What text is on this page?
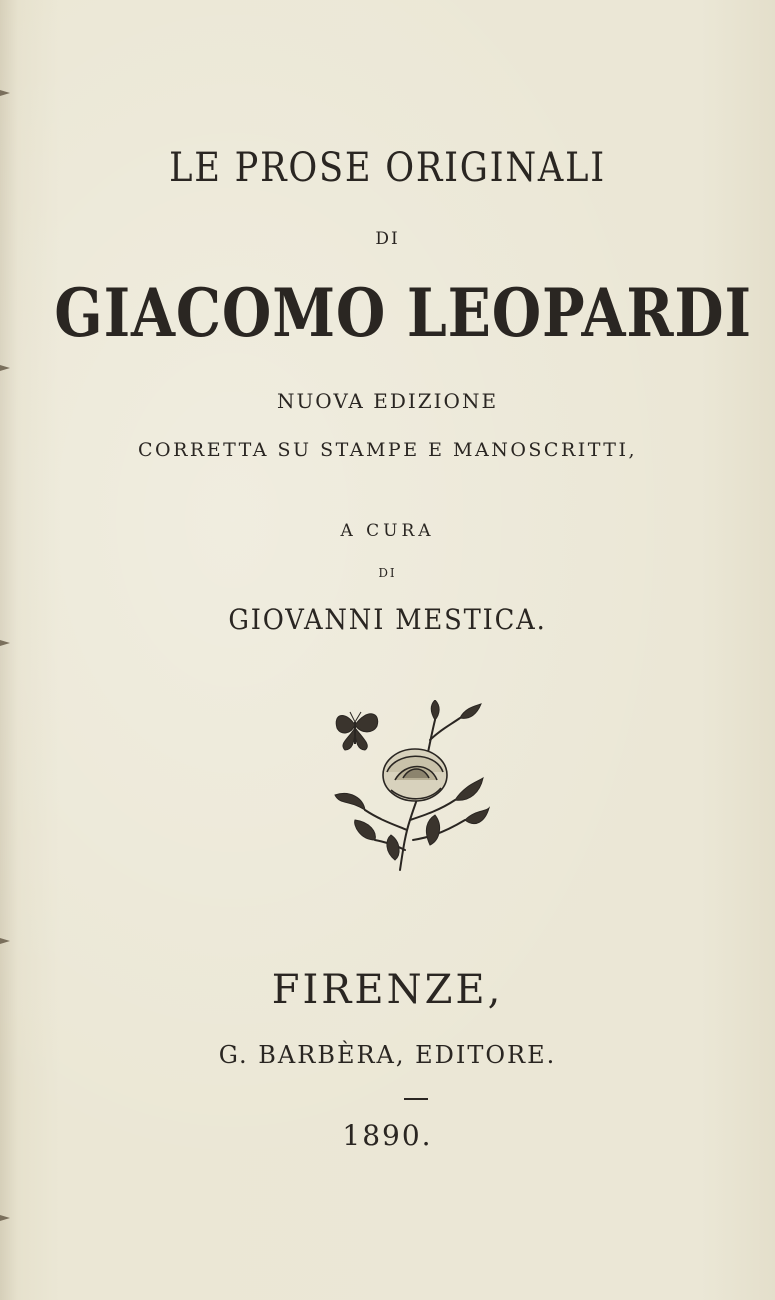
LE PROSE ORIGINALI
DI
GIACOMO LEOPARDI
NUOVA EDIZIONE
CORRETTA SU STAMPE E MANOSCRITTI,
A CURA
DI
GIOVANNI MESTICA.
FIRENZE,
G. BARBÈRA, EDITORE.
1890.
